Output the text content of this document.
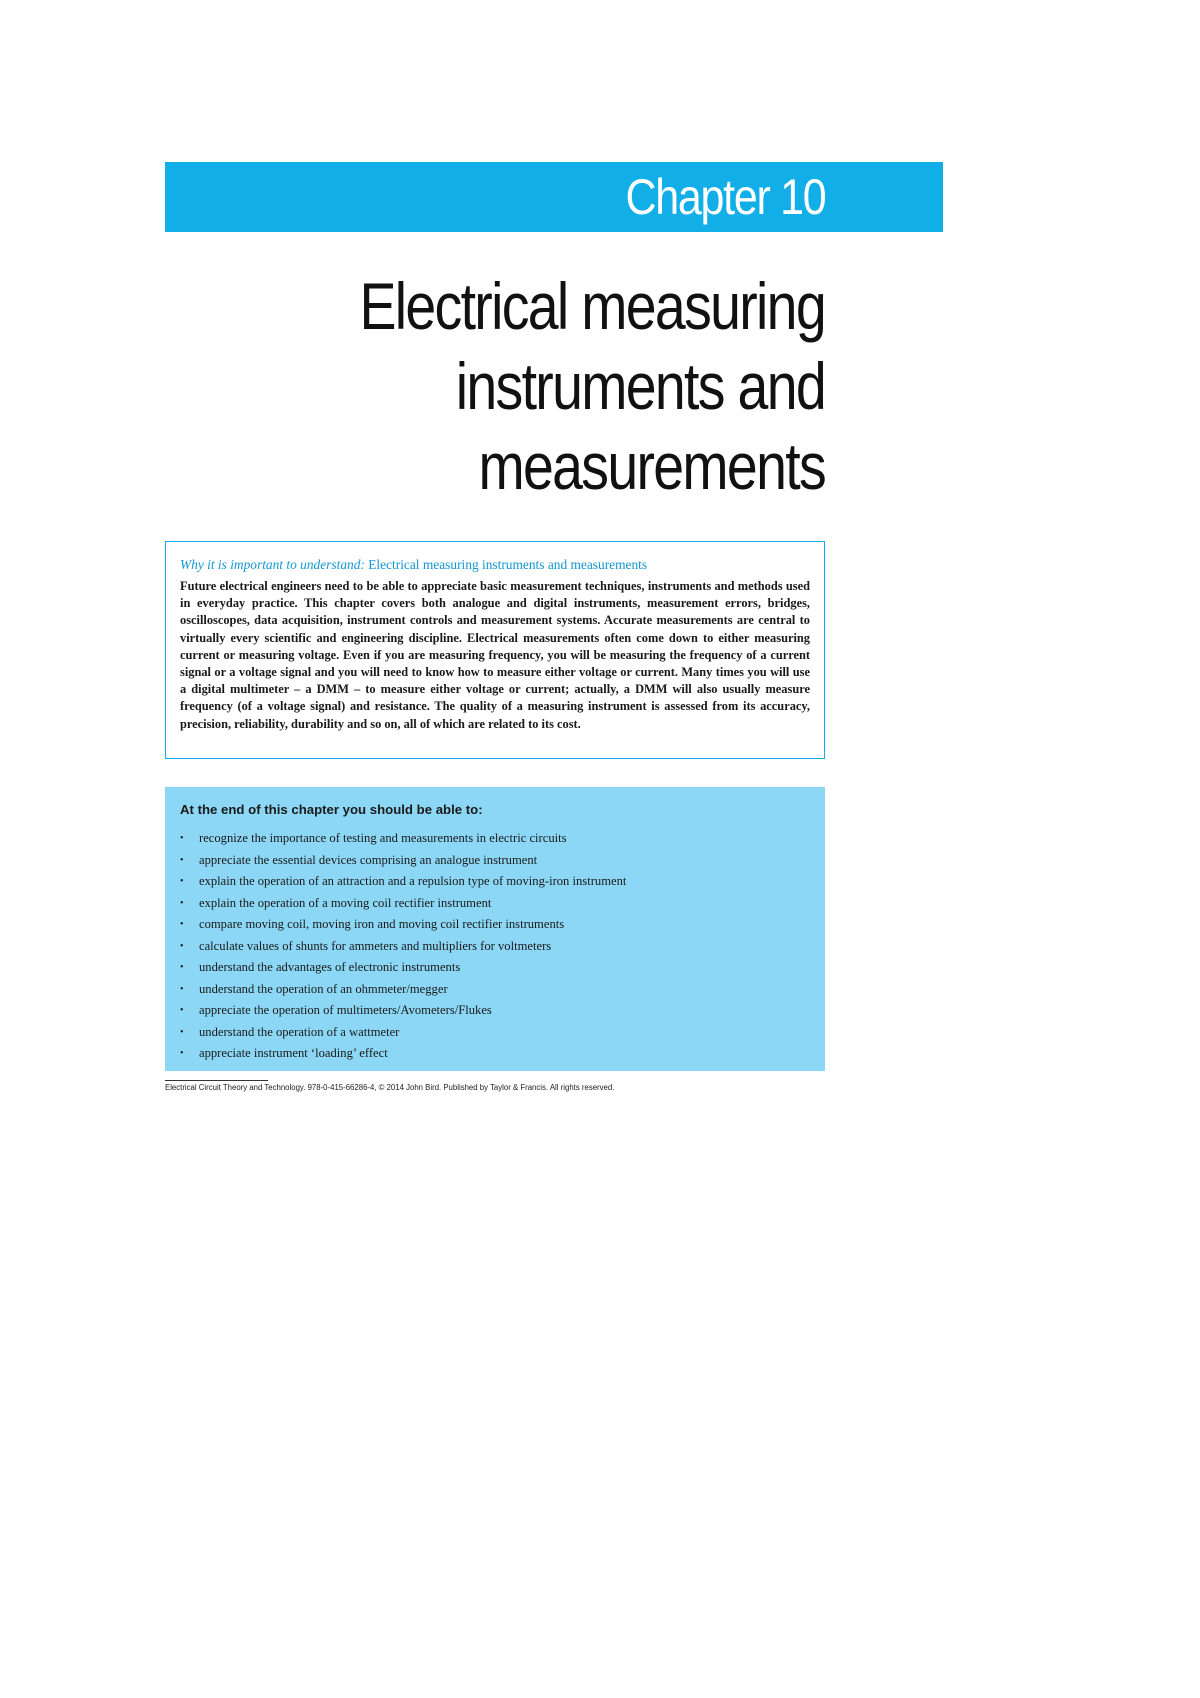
Chapter 10
Electrical measuring
instruments and
measurements
Why it is important to understand: Electrical measuring instruments and measurements

Future electrical engineers need to be able to appreciate basic measurement techniques, instruments and methods used in everyday practice. This chapter covers both analogue and digital instruments, measurement errors, bridges, oscilloscopes, data acquisition, instrument controls and measurement systems. Accurate measurements are central to virtually every scientific and engineering discipline. Electrical measurements often come down to either measuring current or measuring voltage. Even if you are measuring frequency, you will be measuring the frequency of a current signal or a voltage signal and you will need to know how to measure either voltage or current. Many times you will use a digital multimeter – a DMM – to measure either voltage or current; actually, a DMM will also usually measure frequency (of a voltage signal) and resistance. The quality of a measuring instrument is assessed from its accuracy, precision, reliability, durability and so on, all of which are related to its cost.

At the end of this chapter you should be able to:
• recognize the importance of testing and measurements in electric circuits
• appreciate the essential devices comprising an analogue instrument
• explain the operation of an attraction and a repulsion type of moving-iron instrument
• explain the operation of a moving coil rectifier instrument
• compare moving coil, moving iron and moving coil rectifier instruments
• calculate values of shunts for ammeters and multipliers for voltmeters
• understand the advantages of electronic instruments
• understand the operation of an ohmmeter/megger
• appreciate the operation of multimeters/Avometers/Flukes
• understand the operation of a wattmeter
• appreciate instrument ‘loading’ effect
Electrical Circuit Theory and Technology. 978-0-415-66286-4, © 2014 John Bird. Published by Taylor & Francis. All rights reserved.
